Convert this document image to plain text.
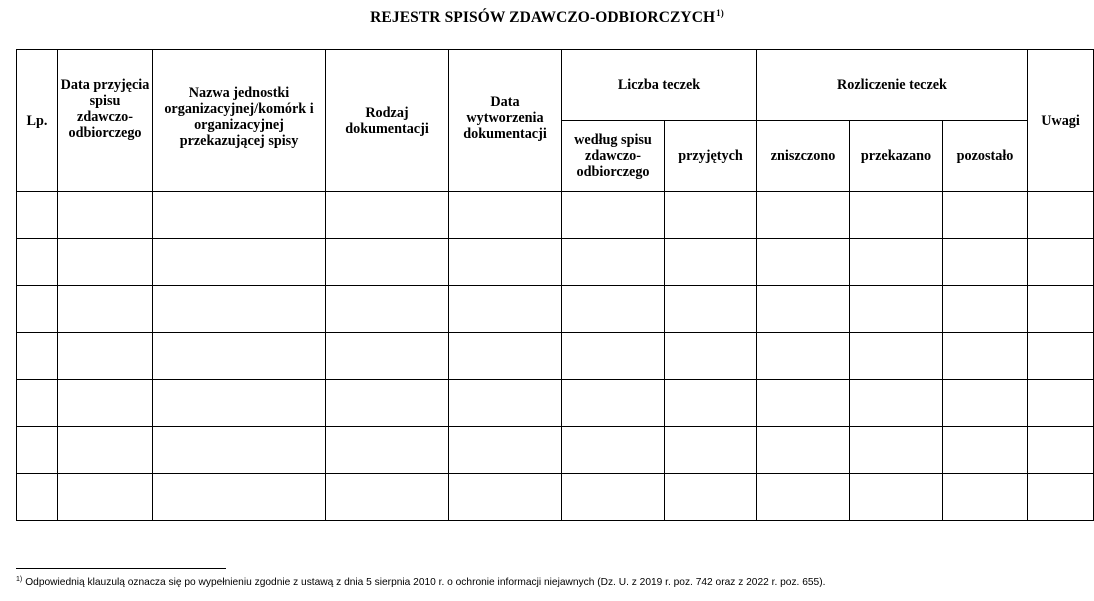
REJESTR SPISÓW ZDAWCZO-ODBIORCZYCH$^{1)}$
Lp.	Data przyjęcia spisu zdawczo-odbiorczego	Nazwa jednostki organizacyjnej/komórk i organizacyjnej przekazującej spisy	Rodzaj dokumentacji	Data wytworzenia dokumentacji	Liczba teczek		Rozliczenie teczek			Uwagi
					według spisu zdawczo-odbiorczego	przyjętych	zniszczono	przekazano	pozostało	

$^{1)}$ Odpowiednią klauzulą oznacza się po wypełnieniu zgodnie z ustawą z dnia 5 sierpnia 2010 r. o ochronie informacji niejawnych (Dz. U. z 2019 r. poz. 742 oraz z 2022 r. poz. 655).
